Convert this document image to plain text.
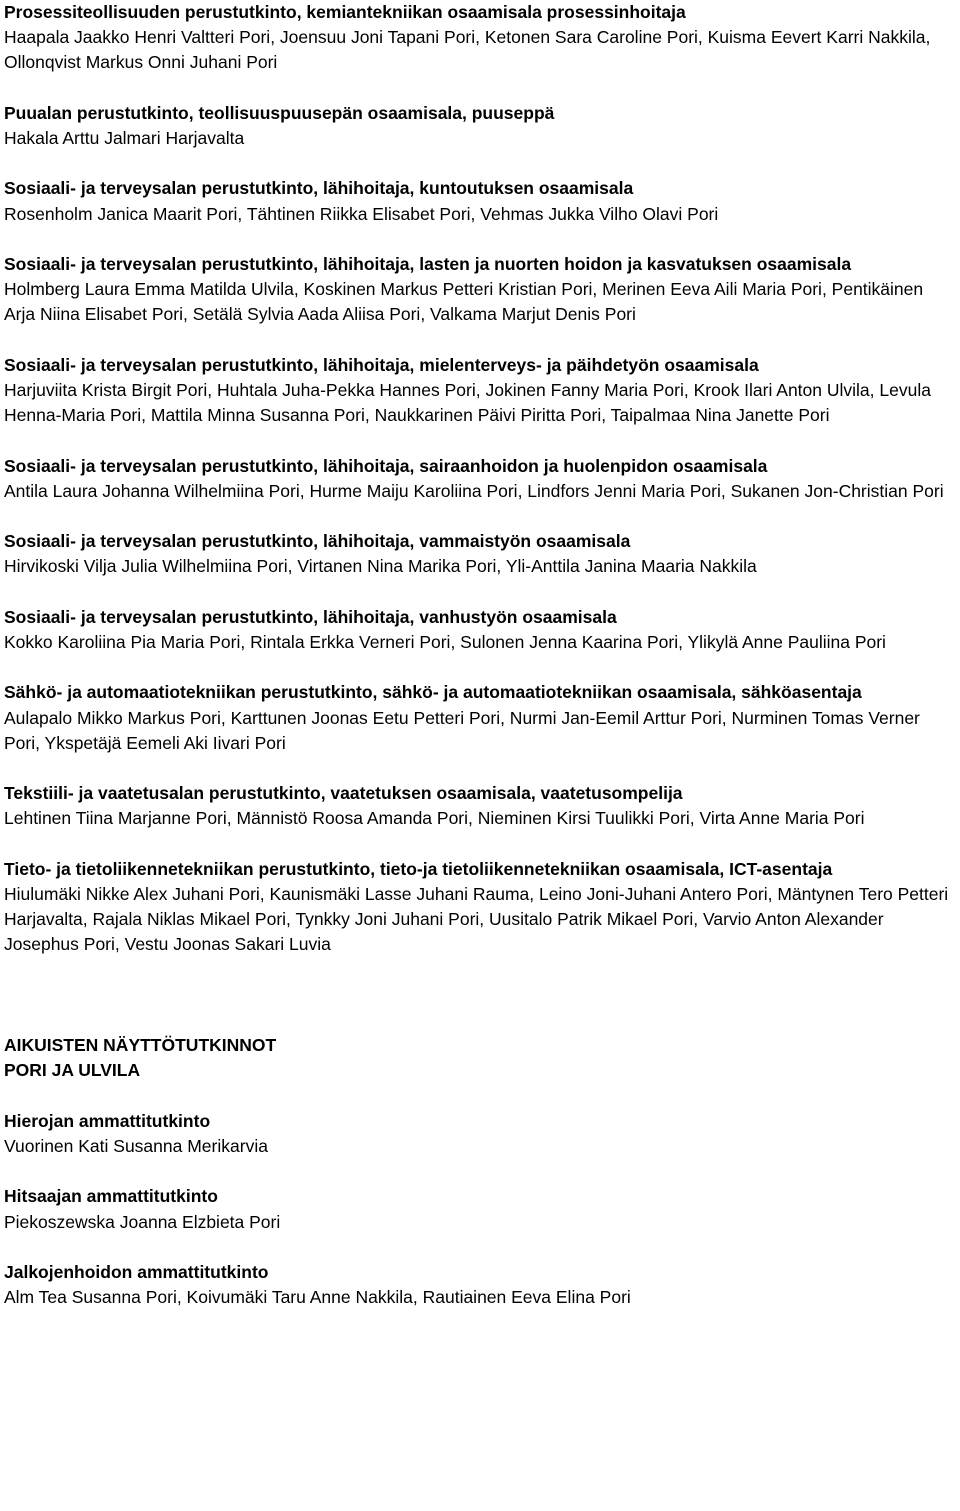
Prosessiteollisuuden perustutkinto, kemiantekniikan osaamisala prosessinhoitaja

Haapala Jaakko Henri Valtteri Pori, Joensuu Joni Tapani Pori, Ketonen Sara Caroline Pori, Kuisma Eevert Karri Nakkila, Ollonqvist Markus Onni Juhani Pori

Puualan perustutkinto, teollisuuspuusepän osaamisala, puuseppä

Hakala Arttu Jalmari Harjavalta

Sosiaali- ja terveysalan perustutkinto, lähihoitaja, kuntoutuksen osaamisala

Rosenholm Janica Maarit Pori, Tähtinen Riikka Elisabet Pori, Vehmas Jukka Vilho Olavi Pori

Sosiaali- ja terveysalan perustutkinto, lähihoitaja, lasten ja nuorten hoidon ja kasvatuksen osaamisala

Holmberg Laura Emma Matilda Ulvila, Koskinen Markus Petteri Kristian Pori, Merinen Eeva Aili Maria Pori, Pentikäinen Arja Niina Elisabet Pori, Setälä Sylvia Aada Aliisa Pori, Valkama Marjut Denis Pori

Sosiaali- ja terveysalan perustutkinto, lähihoitaja, mielenterveys- ja päihdetyön osaamisala

Harjuviita Krista Birgit Pori, Huhtala Juha-Pekka Hannes Pori, Jokinen Fanny Maria Pori, Krook Ilari Anton Ulvila, Levula Henna-Maria Pori, Mattila Minna Susanna Pori, Naukkarinen Päivi Piritta Pori, Taipalmaa Nina Janette Pori

Sosiaali- ja terveysalan perustutkinto, lähihoitaja, sairaanhoidon ja huolenpidon osaamisala

Antila Laura Johanna Wilhelmiina Pori, Hurme Maiju Karoliina Pori, Lindfors Jenni Maria Pori, Sukanen Jon-Christian Pori

Sosiaali- ja terveysalan perustutkinto, lähihoitaja, vammaistyön osaamisala

Hirvikoski Vilja Julia Wilhelmiina Pori, Virtanen Nina Marika Pori, Yli-Anttila Janina Maaria Nakkila

Sosiaali- ja terveysalan perustutkinto, lähihoitaja, vanhustyön osaamisala

Kokko Karoliina Pia Maria Pori, Rintala Erkka Verneri Pori, Sulonen Jenna Kaarina Pori, Ylikylä Anne Pauliina Pori

Sähkö- ja automaatiotekniikan perustutkinto, sähkö- ja automaatiotekniikan osaamisala, sähköasentaja

Aulapalo Mikko Markus Pori, Karttunen Joonas Eetu Petteri Pori, Nurmi Jan-Eemil Arttur Pori, Nurminen Tomas Verner Pori, Ykspetäjä Eemeli Aki Iivari Pori

Tekstiili- ja vaatetusalan perustutkinto, vaatetuksen osaamisala, vaatetusompelija

Lehtinen Tiina Marjanne Pori, Männistö Roosa Amanda Pori, Nieminen Kirsi Tuulikki Pori, Virta Anne Maria Pori

Tieto- ja tietoliikennetekniikan perustutkinto, tieto-ja tietoliikennetekniikan osaamisala, ICT-asentaja

Hiulumäki Nikke Alex Juhani Pori, Kaunismäki Lasse Juhani Rauma, Leino Joni-Juhani Antero Pori, Mäntynen Tero Petteri Harjavalta, Rajala Niklas Mikael Pori, Tynkky Joni Juhani Pori, Uusitalo Patrik Mikael Pori, Varvio Anton Alexander Josephus Pori, Vestu Joonas Sakari Luvia

AIKUISTEN NÄYTTÖTUTKINNOT

PORI JA ULVILA

Hierojan ammattitutkinto

Vuorinen Kati Susanna Merikarvia

Hitsaajan ammattitutkinto

Piekoszewska Joanna Elzbieta Pori

Jalkojenhoidon ammattitutkinto

Alm Tea Susanna Pori, Koivumäki Taru Anne Nakkila, Rautiainen Eeva Elina Pori
